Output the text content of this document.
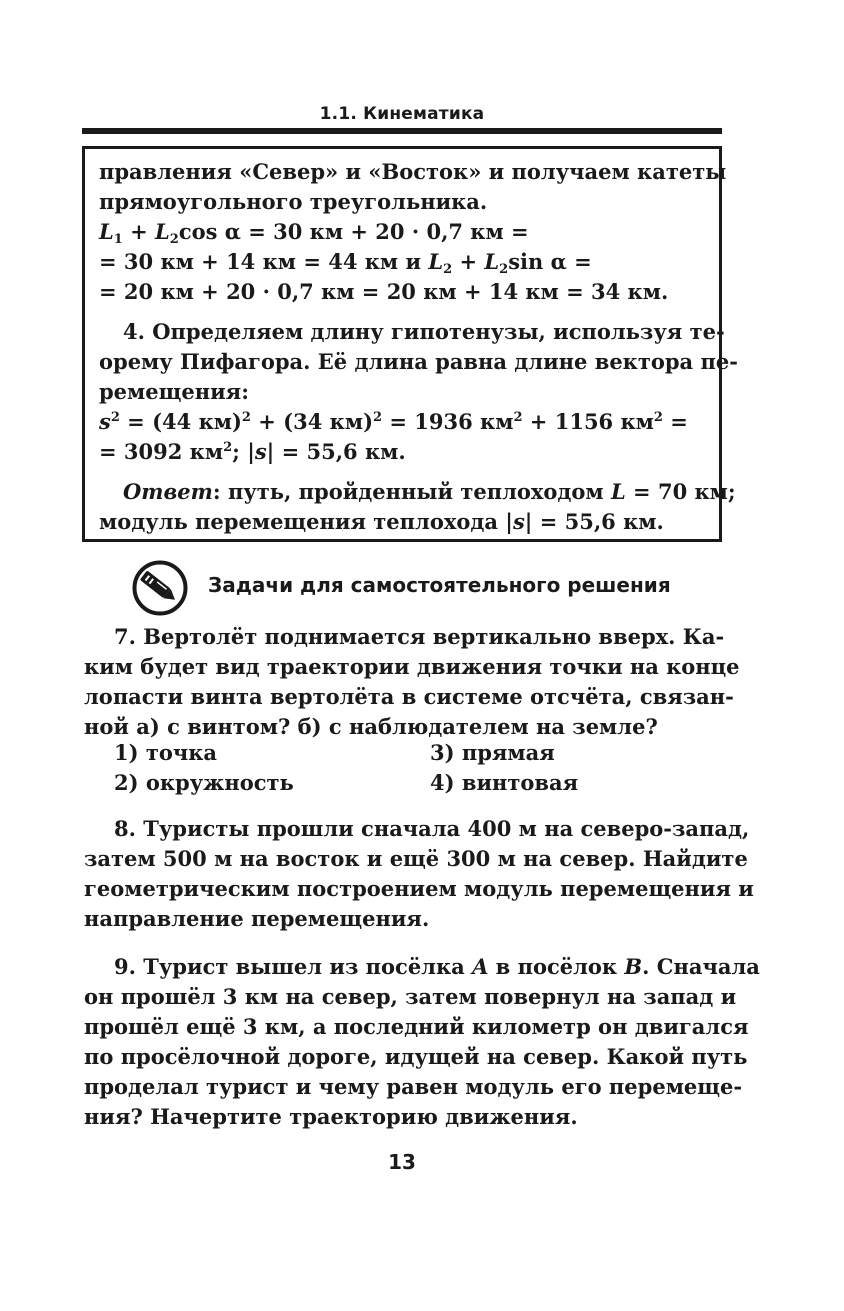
1.1. Кинематика
правления «Север» и «Восток» и получаем катеты
прямоугольного треугольника.
$L_1 + L_2\cos$ α = 30 км + 20 · 0,7 км =
= 30 км + 14 км = 44 км и $L_2 + L_2\sin$ α =
= 20 км + 20 · 0,7 км = 20 км + 14 км = 34 км.
4. Определяем длину гипотенузы, используя те-
орему Пифагора. Её длина равна длине вектора пе-
ремещения:
$s^2 = (44$ км)$^2$ + (34 км)$^2$ = 1936 $км^2 + 1156$ $км^2$ =
= 3092 $км^2$; |s| = 55,6 км.
Ответ: путь, пройденный теплоходом L = 70 км;
модуль перемещения теплохода |s| = 55,6 км.
Задачи для самостоятельного решения
7. Вертолёт поднимается вертикально вверх. Ка-
ким будет вид траектории движения точки на конце
лопасти винта вертолёта в системе отсчёта, связан-
ной а) с винтом? б) с наблюдателем на земле?
1) точка	3) прямая
2) окружность	4) винтовая
8. Туристы прошли сначала 400 м на северо-запад,
затем 500 м на восток и ещё 300 м на север. Найдите
геометрическим построением модуль перемещения и
направление перемещения.
9. Турист вышел из посёлка A в посёлок B. Сначала
он прошёл 3 км на север, затем повернул на запад и
прошёл ещё 3 км, а последний километр он двигался
по просёлочной дороге, идущей на север. Какой путь
проделал турист и чему равен модуль его перемеще-
ния? Начертите траекторию движения.
13
